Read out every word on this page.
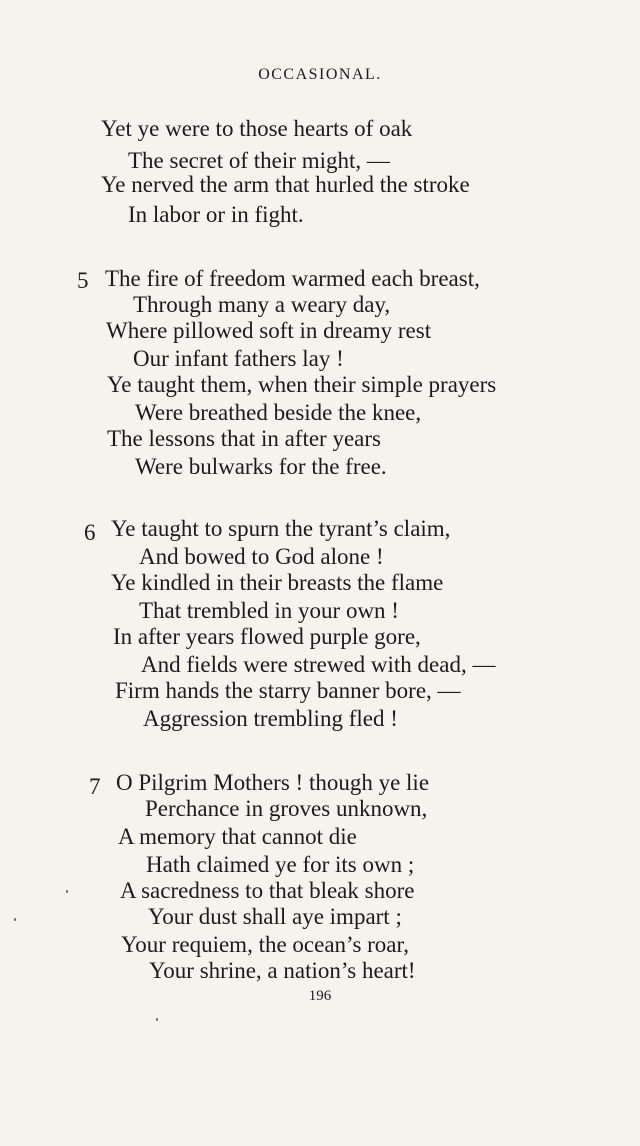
OCCASIONAL.
Yet ye were to those hearts of oak
The secret of their might, —
Ye nerved the arm that hurled the stroke
In labor or in fight.
5 The fire of freedom warmed each breast,
Through many a weary day,
Where pillowed soft in dreamy rest
Our infant fathers lay !
Ye taught them, when their simple prayers
Were breathed beside the knee,
The lessons that in after years
Were bulwarks for the free.
6 Ye taught to spurn the tyrant’s claim,
And bowed to God alone !
Ye kindled in their breasts the flame
That trembled in your own !
In after years flowed purple gore,
And fields were strewed with dead, —
Firm hands the starry banner bore, —
Aggression trembling fled !
7 O Pilgrim Mothers ! though ye lie
Perchance in groves unknown,
A memory that cannot die
Hath claimed ye for its own ;
A sacredness to that bleak shore
Your dust shall aye impart ;
Your requiem, the ocean’s roar,
Your shrine, a nation’s heart!
196
